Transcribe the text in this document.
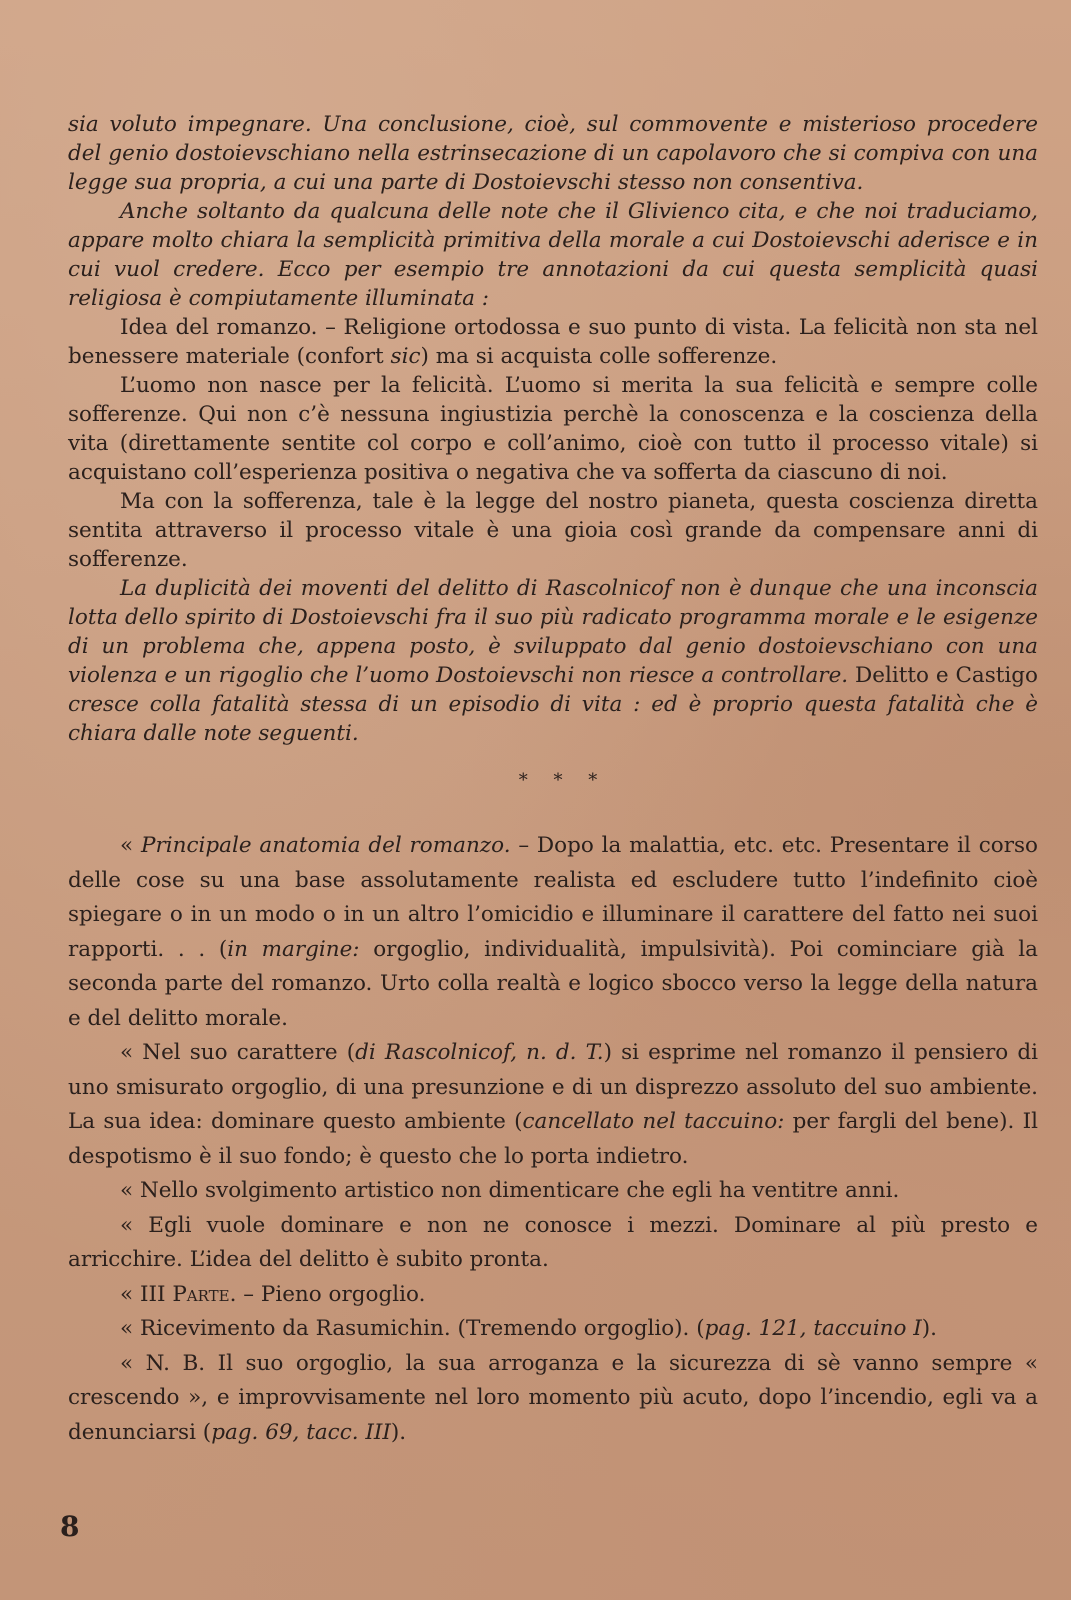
sia voluto impegnare. Una conclusione, cioè, sul commovente e misterioso procedere del genio dostoievschiano nella estrinsecazione di un capolavoro che si compiva con una legge sua propria, a cui una parte di Dostoievschi stesso non consentiva.

Anche soltanto da qualcuna delle note che il Glivienco cita, e che noi traduciamo, appare molto chiara la semplicità primitiva della morale a cui Dostoievschi aderisce e in cui vuol credere. Ecco per esempio tre annotazioni da cui questa semplicità quasi religiosa è compiutamente illuminata :

Idea del romanzo. – Religione ortodossa e suo punto di vista. La felicità non sta nel benessere materiale (confort sic) ma si acquista colle sofferenze.

L’uomo non nasce per la felicità. L’uomo si merita la sua felicità e sempre colle sofferenze. Qui non c’è nessuna ingiustizia perchè la conoscenza e la coscienza della vita (direttamente sentite col corpo e coll’animo, cioè con tutto il processo vitale) si acquistano coll’esperienza positiva o negativa che va sofferta da ciascuno di noi.

Ma con la sofferenza, tale è la legge del nostro pianeta, questa coscienza diretta sentita attraverso il processo vitale è una gioia così grande da compensare anni di sofferenze.

La duplicità dei moventi del delitto di Rascolnicof non è dunque che una inconscia lotta dello spirito di Dostoievschi fra il suo più radicato programma morale e le esigenze di un problema che, appena posto, è sviluppato dal genio dostoievschiano con una violenza e un rigoglio che l’uomo Dostoievschi non riesce a controllare. Delitto e Castigo cresce colla fatalità stessa di un episodio di vita : ed è proprio questa fatalità che è chiara dalle note seguenti.

* * *

« Principale anatomia del romanzo. – Dopo la malattia, etc. etc. Presentare il corso delle cose su una base assolutamente realista ed escludere tutto l’indefinito cioè spiegare o in un modo o in un altro l’omicidio e illuminare il carattere del fatto nei suoi rapporti. . . (in margine: orgoglio, individualità, impulsività). Poi cominciare già la seconda parte del romanzo. Urto colla realtà e logico sbocco verso la legge della natura e del delitto morale.

« Nel suo carattere (di Rascolnicof, n. d. T.) si esprime nel romanzo il pensiero di uno smisurato orgoglio, di una presunzione e di un disprezzo assoluto del suo ambiente. La sua idea: dominare questo ambiente (cancellato nel taccuino: per fargli del bene). Il despotismo è il suo fondo; è questo che lo porta indietro.

« Nello svolgimento artistico non dimenticare che egli ha ventitre anni.

« Egli vuole dominare e non ne conosce i mezzi. Dominare al più presto e arricchire. L’idea del delitto è subito pronta.

« III Parte. – Pieno orgoglio.

« Ricevimento da Rasumichin. (Tremendo orgoglio). (pag. 121, taccuino I).

« N. B. Il suo orgoglio, la sua arroganza e la sicurezza di sè vanno sempre « crescendo », e improvvisamente nel loro momento più acuto, dopo l’incendio, egli va a denunciarsi (pag. 69, tacc. III).

8
